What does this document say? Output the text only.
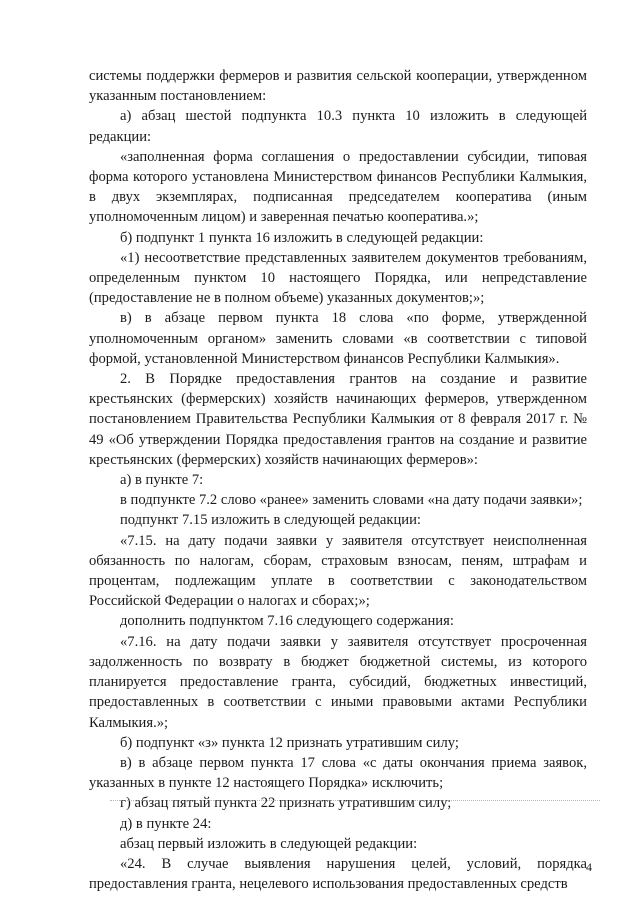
системы поддержки фермеров и развития сельской кооперации, утвержденном указанным постановлением:

а) абзац шестой подпункта 10.3 пункта 10 изложить в следующей редакции:

«заполненная форма соглашения о предоставлении субсидии, типовая форма которого установлена Министерством финансов Республики Калмыкия, в двух экземплярах, подписанная председателем кооператива (иным уполномоченным лицом) и заверенная печатью кооператива.»;

б) подпункт 1 пункта 16 изложить в следующей редакции:

«1) несоответствие представленных заявителем документов требованиям, определенным пунктом 10 настоящего Порядка, или непредставление (предоставление не в полном объеме) указанных документов;»;

в) в абзаце первом пункта 18 слова «по форме, утвержденной уполномоченным органом» заменить словами «в соответствии с типовой формой, установленной Министерством финансов Республики Калмыкия».

2. В Порядке предоставления грантов на создание и развитие крестьянских (фермерских) хозяйств начинающих фермеров, утвержденном постановлением Правительства Республики Калмыкия от 8 февраля 2017 г. № 49 «Об утверждении Порядка предоставления грантов на создание и развитие крестьянских (фермерских) хозяйств начинающих фермеров»:

а) в пункте 7:

в подпункте 7.2 слово «ранее» заменить словами «на дату подачи заявки»;

подпункт 7.15 изложить в следующей редакции:

«7.15. на дату подачи заявки у заявителя отсутствует неисполненная обязанность по налогам, сборам, страховым взносам, пеням, штрафам и процентам, подлежащим уплате в соответствии с законодательством Российской Федерации о налогах и сборах;»;

дополнить подпунктом 7.16 следующего содержания:

«7.16. на дату подачи заявки у заявителя отсутствует просроченная задолженность по возврату в бюджет бюджетной системы, из которого планируется предоставление гранта, субсидий, бюджетных инвестиций, предоставленных в соответствии с иными правовыми актами Республики Калмыкия.»;

б) подпункт «з» пункта 12 признать утратившим силу;

в) в абзаце первом пункта 17 слова «с даты окончания приема заявок, указанных в пункте 12 настоящего Порядка» исключить;

г) абзац пятый пункта 22 признать утратившим силу;

д) в пункте 24:

абзац первый изложить в следующей редакции:

«24. В случае выявления нарушения целей, условий, порядка предоставления гранта, нецелевого использования предоставленных средств

4
